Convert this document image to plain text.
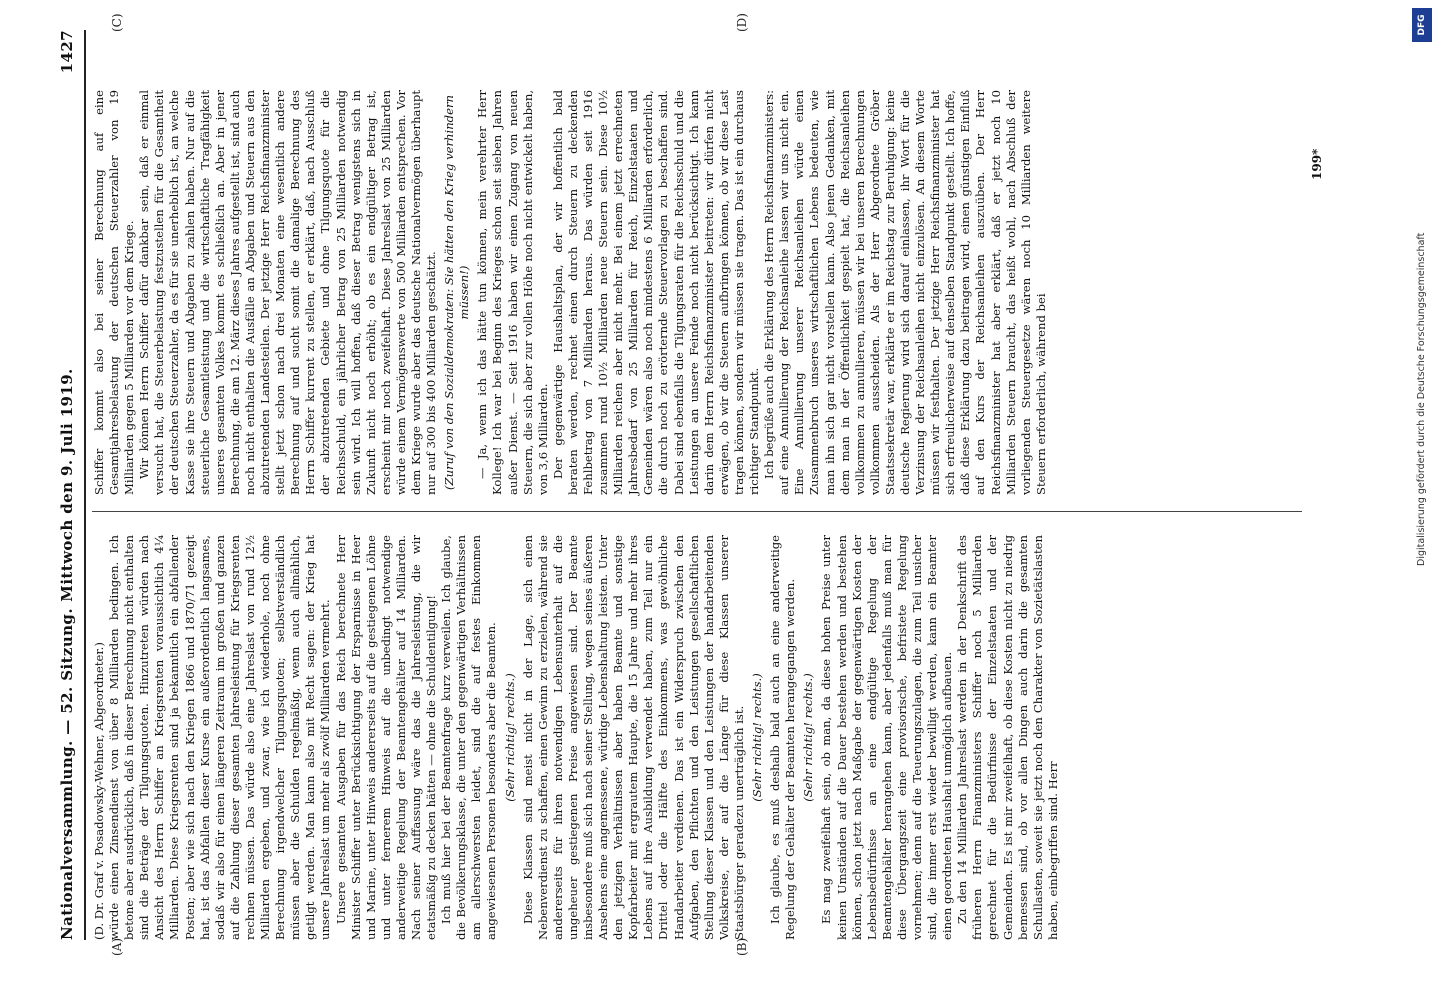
Nationalversammlung. — 52. Sitzung.
Mittwoch den 9. Juli 1919.
1427
(A)	(B)
(C)	(D)

(D. Dr. Graf v. Posadowsky-Wehner, Abgeordneter.) würde einen Zinsendienst von über 8 Milliarden bedingen. Ich betone aber ausdrücklich, daß in dieser Berechnung nicht enthalten sind die Beträge der Tilgungsquoten. Hinzutreten würden nach Ansicht des Herrn Schiffer an Kriegsrenten voraussichtlich 4¼ Milliarden. Diese Kriegsrenten sind ja bekanntlich ein abfallender Posten; aber wie sich nach den Kriegen 1866 und 1870/71 gezeigt hat, ist das Abfallen dieser Kurse ein außerordentlich langsames, sodaß wir also für einen längeren Zeitraum im großen und ganzen auf die Zahlung dieser gesamten Jahresleistung für Kriegsrenten rechnen müssen. Das würde also eine Jahreslast von rund 12½ Milliarden ergeben, und zwar, wie ich wiederhole, noch ohne Berechnung irgendwelcher Tilgungsquoten; selbstverständlich müssen aber die Schulden regelmäßig, wenn auch allmählich, getilgt werden. Man kann also mit Recht sagen: der Krieg hat unsere Jahreslast um mehr als zwölf Milliarden vermehrt. Unsere gesamten Ausgaben für das Reich berechnete Herr Minister Schiffer unter Berücksichtigung der Ersparnisse in Heer und Marine, unter Hinweis andererseits auf die gestiegenen Löhne und unter fernerem Hinweis auf die unbedingt notwendige anderweitige Regelung der Beamtengehälter auf 14 Milliarden. Nach seiner Auffassung wäre das die Jahresleistung, die wir etatsmäßig zu decken hätten — ohne die Schuldentilgung! Ich muß hier bei der Beamtenfrage kurz verweilen. Ich glaube, die Bevölkerungsklasse, die unter den gegenwärtigen Verhältnissen am allerschwersten leidet, sind die auf festes Einkommen angewiesenen Personen besonders aber die Beamten. (Sehr richtig! rechts.) Diese Klassen sind meist nicht in der Lage, sich einen Nebenverdienst zu schaffen, einen Gewinn zu erzielen, während sie andererseits für ihren notwendigen Lebensunterhalt auf die ungeheuer gestiegenen Preise angewiesen sind. Der Beamte insbesondere muß sich nach seiner Stellung, wegen seines äußeren Ansehens eine angemessene, würdige Lebenshaltung leisten. Unter den jetzigen Verhältnissen aber haben Beamte und sonstige Kopfarbeiter mit ergrautem Haupte, die 15 Jahre und mehr ihres Lebens auf ihre Ausbildung verwendet haben, zum Teil nur ein Drittel oder die Hälfte des Einkommens, was gewöhnliche Handarbeiter verdienen. Das ist ein Widerspruch zwischen den Aufgaben, den Pflichten und den Leistungen gesellschaftlichen Stellung dieser Klassen und den Leistungen der handarbeitenden Volkskreise, der auf die Länge für diese Klassen unserer Staatsbürger geradezu unerträglich ist. (Sehr richtig! rechts.) Ich glaube, es muß deshalb bald auch an eine anderweitige Regelung der Gehälter der Beamten herangegangen werden. (Sehr richtig! rechts.) Es mag zweifelhaft sein, ob man, da diese hohen Preise unter keinen Umständen auf die Dauer bestehen werden und bestehen können, schon jetzt nach Maßgabe der gegenwärtigen Kosten der Lebensbedürfnisse an eine endgültige Regelung der Beamtengehälter herangehen kann, aber jedenfalls muß man für diese Übergangszeit eine provisorische, befristete Regelung vornehmen; denn auf die Teuerungszulagen, die zum Teil unsicher sind, die immer erst wieder bewilligt werden, kann ein Beamter einen geordneten Haushalt unmöglich aufbauen. Zu den 14 Milliarden Jahreslast werden in der Denkschrift des früheren Herrn Finanzministers Schiffer noch 5 Milliarden gerechnet für die Bedürfnisse der Einzelstaaten und der Gemeinden. Es ist mir zweifelhaft, ob diese Kosten nicht zu niedrig bemessen sind, ob vor allen Dingen auch darin die gesamten Schullasten, soweit sie jetzt noch den Charakter von Sozietätslasten haben, einbegriffen sind. Herr

Schiffer kommt also bei seiner Berechnung auf eine Gesamtjahresbelastung der deutschen Steuerzahler von 19 Milliarden gegen 5 Milliarden vor dem Kriege. Wir können Herrn Schiffer dafür dankbar sein, daß er einmal versucht hat, die Steuerbelastung festzustellen für die Gesamtheit der deutschen Steuerzahler, da es für sie unerheblich ist, an welche Kasse sie ihre Steuern und Abgaben zu zahlen haben. Nur auf die steuerliche Gesamtleistung und die wirtschaftliche Tragfähigkeit unseres gesamten Volkes kommt es schließlich an. Aber in jener Berechnung, die am 12. März dieses Jahres aufgestellt ist, sind auch noch nicht enthalten die Ausfälle an Abgaben und Steuern aus den abzutretenden Landesteilen. Der jetzige Herr Reichsfinanzminister stellt jetzt schon nach drei Monaten eine wesentlich andere Berechnung auf und sucht somit die damalige Berechnung des Herrn Schiffer kurrent zu stellen, er erklärt, daß, nach Ausschluß der abzutretenden Gebiete und ohne Tilgungsquote für die Reichsschuld, ein jährlicher Betrag von 25 Milliarden notwendig sein wird. Ich will hoffen, daß dieser Betrag wenigstens sich in Zukunft nicht noch erhöht; ob es ein endgültiger Betrag ist, erscheint mir noch zweifelhaft. Diese Jahreslast von 25 Milliarden würde einem Vermögenswerte von 500 Milliarden entsprechen. Vor dem Kriege wurde aber das deutsche Nationalvermögen überhaupt nur auf 300 bis 400 Milliarden geschätzt. (Zuruf von den Sozialdemokraten: Sie hätten den Krieg verhindern müssen!) — Ja, wenn ich das hätte tun können, mein verehrter Herr Kollege! Ich war bei Beginn des Krieges schon seit sieben Jahren außer Dienst. — Seit 1916 haben wir einen Zugang von neuen Steuern, die sich aber zur vollen Höhe noch nicht entwickelt haben, von 3,6 Milliarden. Der gegenwärtige Haushaltsplan, der wir hoffentlich bald beraten werden, rechnet einen durch Steuern zu deckenden Fehlbetrag von 7 Milliarden heraus. Das würden seit 1916 zusammen rund 10½ Milliarden neue Steuern sein. Diese 10½ Milliarden reichen aber nicht mehr. Bei einem jetzt errechneten Jahresbedarf von 25 Milliarden für Reich, Einzelstaaten und Gemeinden wären also noch mindestens 6 Milliarden erforderlich, die durch noch zu erörternde Steuervorlagen zu beschaffen sind. Dabei sind ebenfalls die Tilgungsraten für die Reichsschuld und die Leistungen an unsere Feinde noch nicht berücksichtigt. Ich kann darin dem Herrn Reichsfinanzminister beitreten: wir dürfen nicht erwägen, ob wir die Steuern aufbringen können, ob wir diese Last tragen können, sondern wir müssen sie tragen. Das ist ein durchaus richtiger Standpunkt. Ich begrüße auch die Erklärung des Herrn Reichsfinanzministers: auf eine Annullierung der Reichsanleihe lassen wir uns nicht ein. Eine Annullierung unserer Reichsanleihen würde einen Zusammenbruch unseres wirtschaftlichen Lebens bedeuten, wie man ihn sich gar nicht vorstellen kann. Also jenen Gedanken, mit dem man in der Öffentlichkeit gespielt hat, die Reichsanleihen vollkommen zu annullieren, müssen wir bei unseren Berechnungen vollkommen ausscheiden. Als der Herr Abgeordnete Gröber Staatssekretär war, erklärte er im Reichstag zur Beruhigung: keine deutsche Regierung wird sich darauf einlassen, ihr Wort für die Verzinsung der Reichsanleihen nicht einzulösen. An diesem Worte müssen wir festhalten. Der jetzige Herr Reichsfinanzminister hat sich erfreulicherweise auf denselben Standpunkt gestellt. Ich hoffe, daß diese Erklärung dazu beitragen wird, einen günstigen Einfluß auf den Kurs der Reichsanleihen auszuüben. Der Herr Reichsfinanzminister hat aber erklärt, daß er jetzt noch 10 Milliarden Steuern braucht, das heißt wohl, nach Abschluß der vorliegenden Steuergesetze wären noch 10 Milliarden weitere Steuern erforderlich, während bei

199*
DFG
Digitalisierung gefördert durch die Deutsche Forschungsgemeinschaft
